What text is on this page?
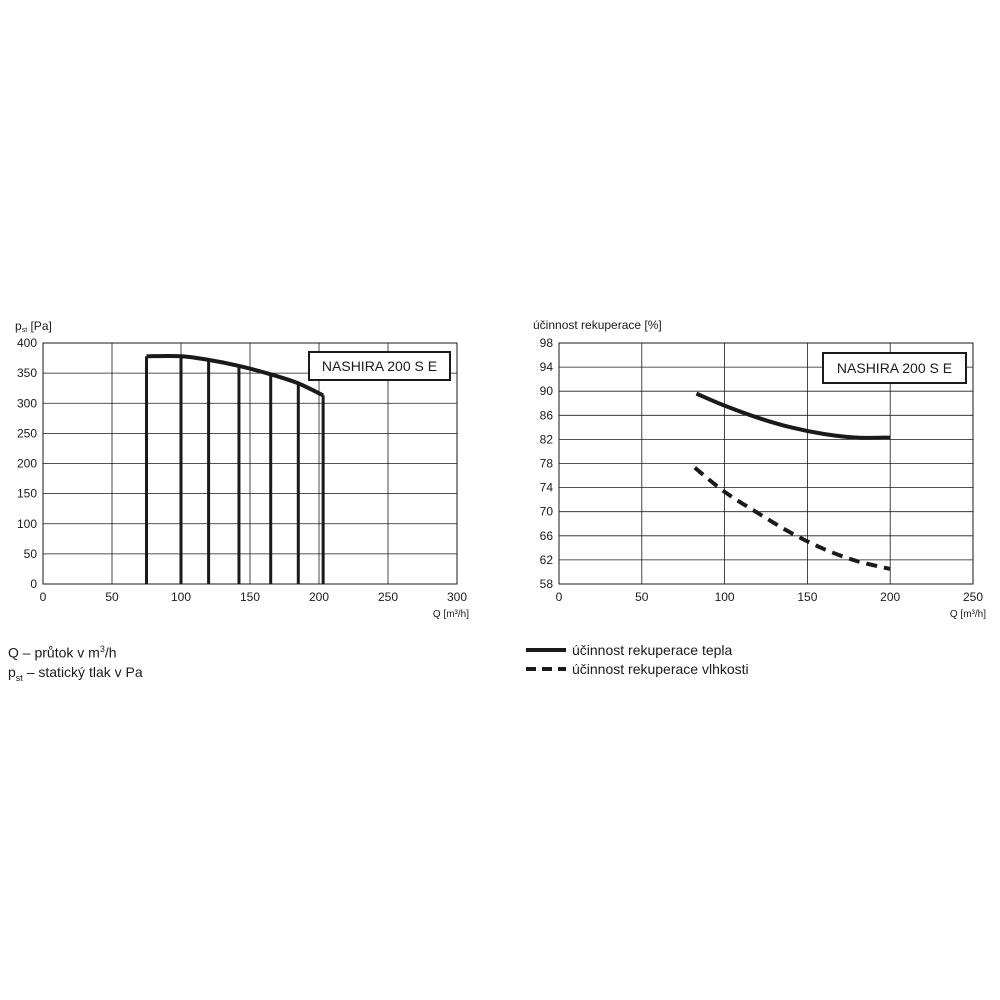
pst [Pa]
0	50	100	150	200	250	300
0
50
100
150
200
250
300
350
400
NASHIRA 200 S E
Q [m³/h]
účinnost rekuperace [%]
0	50	100	150	200	250
58
62
66
70
74
78
82
86
90
94
98
NASHIRA 200 S E
Q [m³/h]
Q – průtok v $m^3/h$
$p_{st}$ – statický tlak v Pa
účinnost rekuperace tepla
účinnost rekuperace vlhkosti
